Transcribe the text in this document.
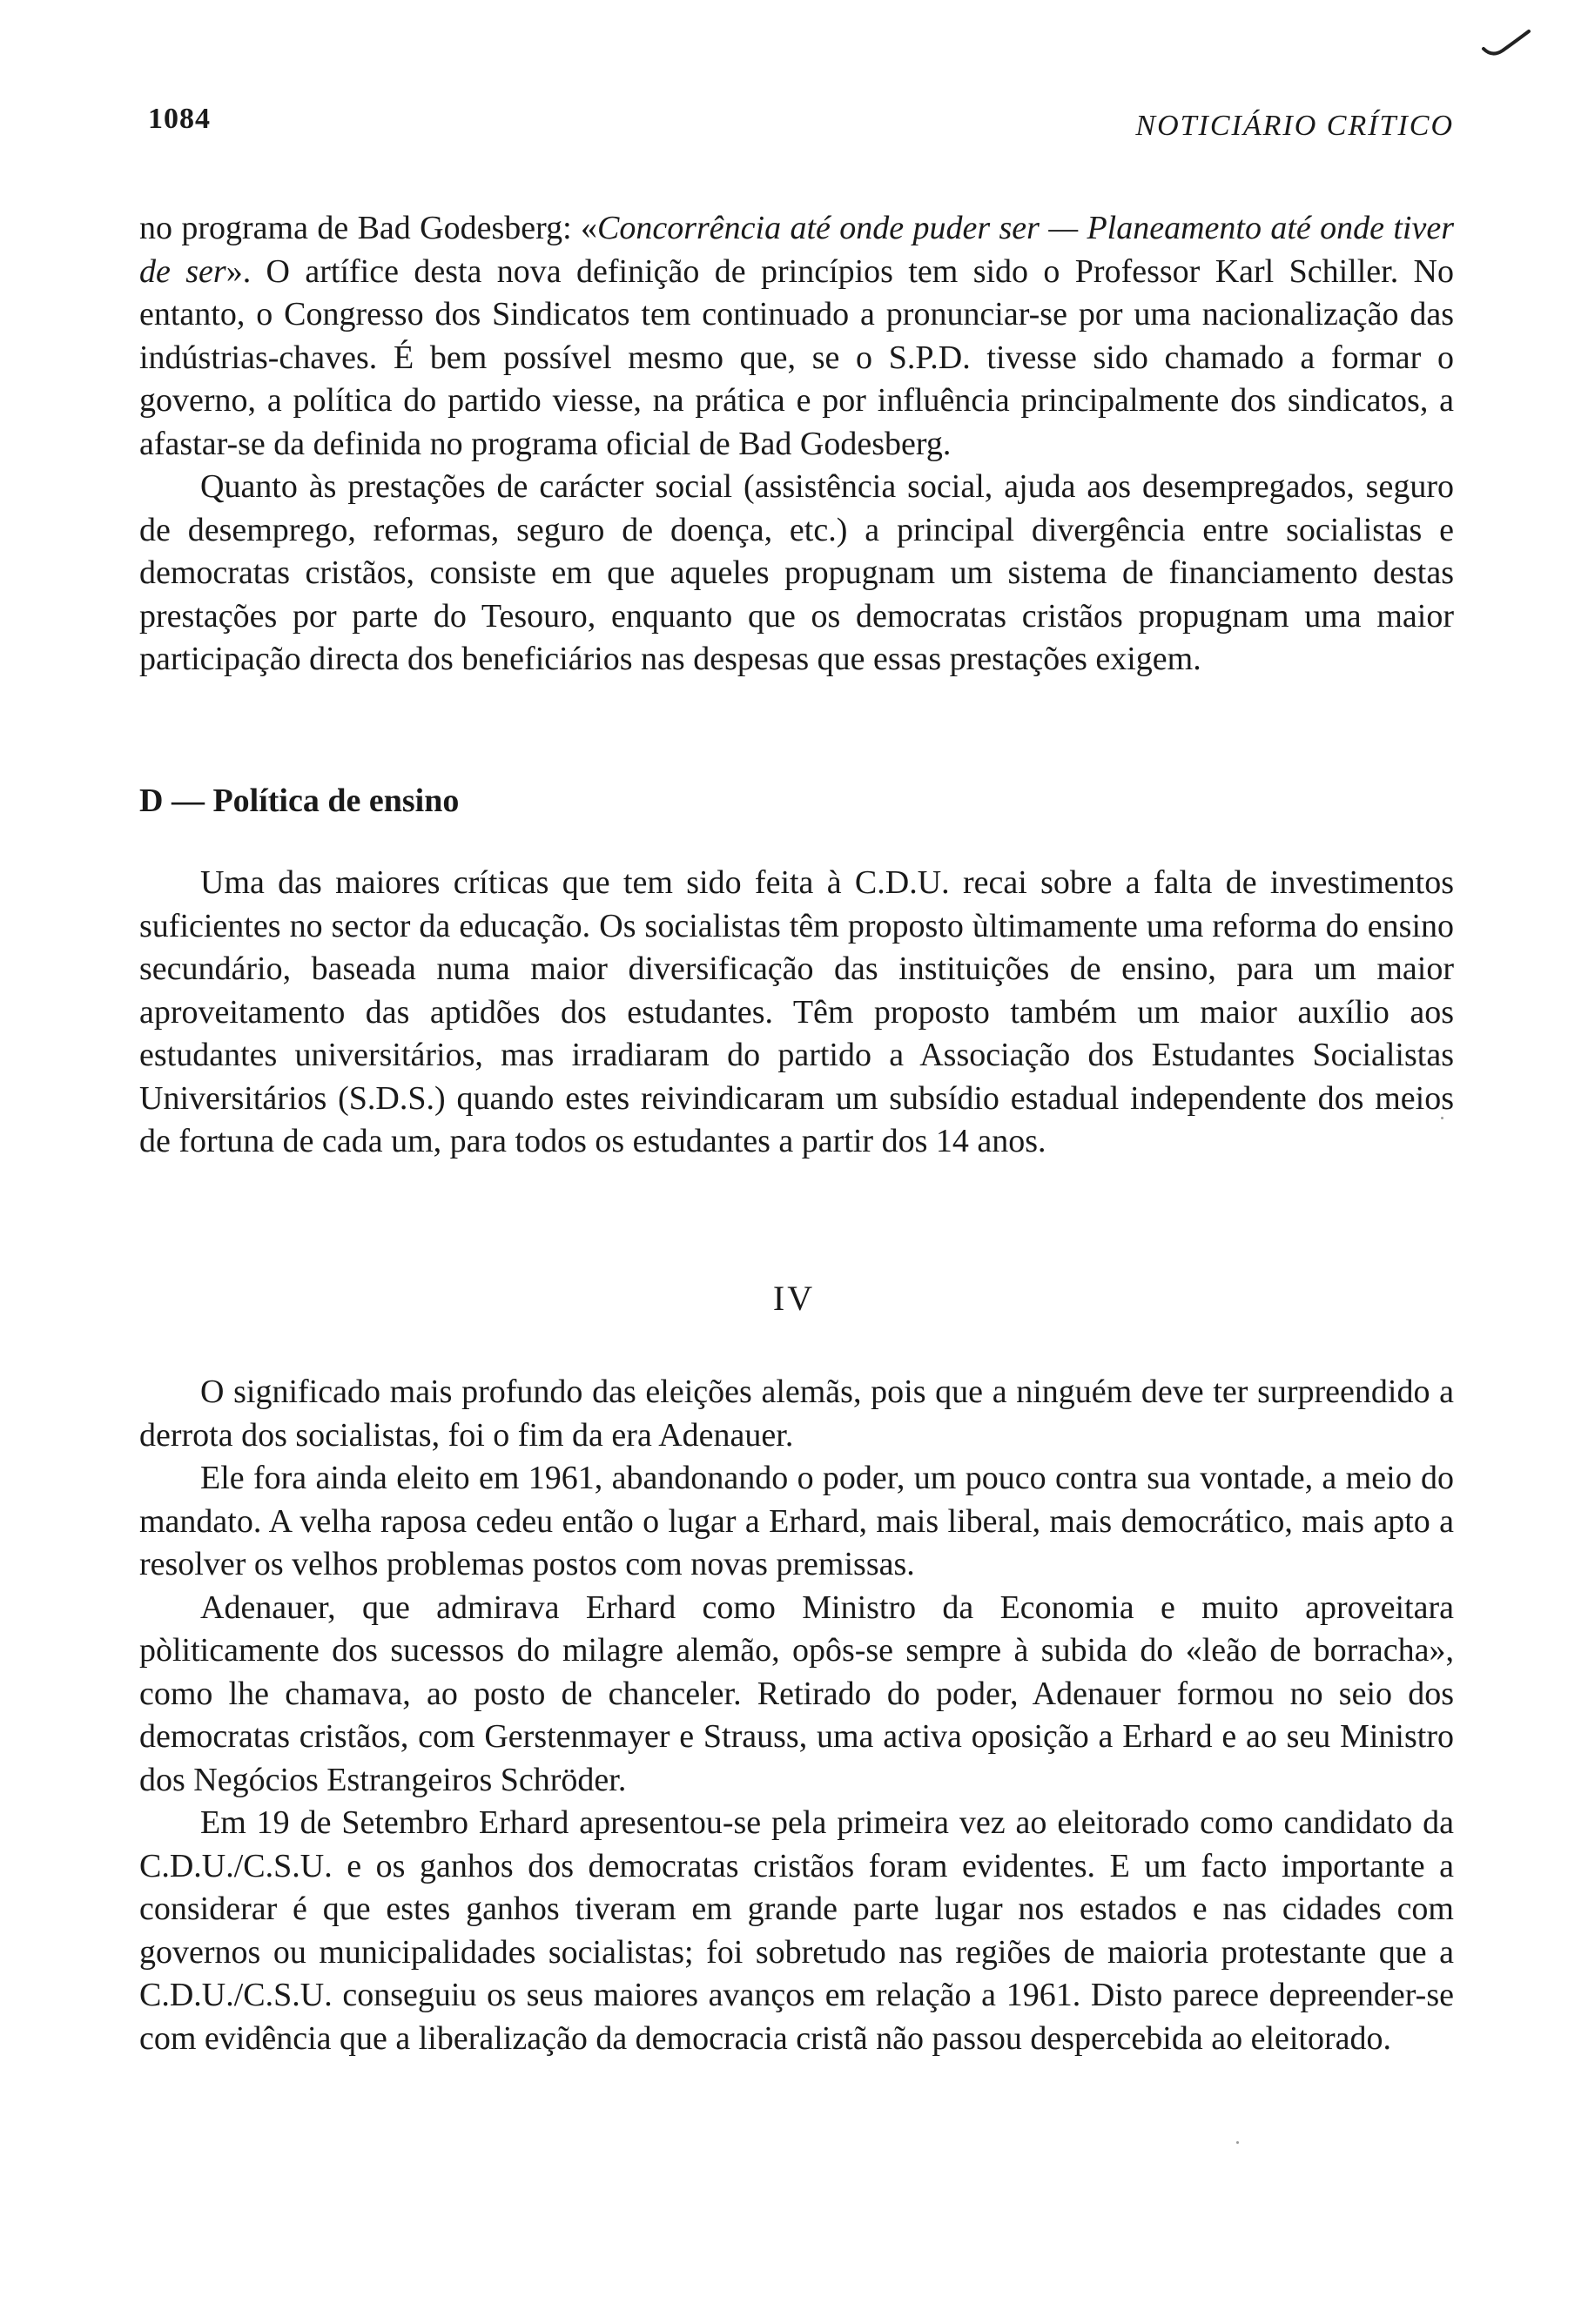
1084	NOTICIÁRIO CRÍTICO

no programa de Bad Godesberg: «Concorrência até onde puder ser — Planeamento até onde tiver de ser». O artífice desta nova definição de princípios tem sido o Professor Karl Schiller. No entanto, o Congresso dos Sindicatos tem continuado a pronunciar-se por uma nacionalização das indústrias-chaves. É bem possível mesmo que, se o S.P.D. tivesse sido chamado a formar o governo, a política do partido viesse, na prática e por influência principalmente dos sindicatos, a afastar-se da definida no programa oficial de Bad Godesberg.

Quanto às prestações de carácter social (assistência social, ajuda aos desempregados, seguro de desemprego, reformas, seguro de doença, etc.) a principal divergência entre socialistas e democratas cristãos, consiste em que aqueles propugnam um sistema de financiamento destas prestações por parte do Tesouro, enquanto que os democratas cristãos propugnam uma maior participação directa dos beneficiários nas despesas que essas prestações exigem.

D — Política de ensino

Uma das maiores críticas que tem sido feita à C.D.U. recai sobre a falta de investimentos suficientes no sector da educação. Os socialistas têm proposto ùltimamente uma reforma do ensino secundário, baseada numa maior diversificação das instituições de ensino, para um maior aproveitamento das aptidões dos estudantes. Têm proposto também um maior auxílio aos estudantes universitários, mas irradiaram do partido a Associação dos Estudantes Socialistas Universitários (S.D.S.) quando estes reivindicaram um subsídio estadual independente dos meios de fortuna de cada um, para todos os estudantes a partir dos 14 anos.

IV

O significado mais profundo das eleições alemãs, pois que a ninguém deve ter surpreendido a derrota dos socialistas, foi o fim da era Adenauer.

Ele fora ainda eleito em 1961, abandonando o poder, um pouco contra sua vontade, a meio do mandato. A velha raposa cedeu então o lugar a Erhard, mais liberal, mais democrático, mais apto a resolver os velhos problemas postos com novas premissas.

Adenauer, que admirava Erhard como Ministro da Economia e muito aproveitara pòliticamente dos sucessos do milagre alemão, opôs-se sempre à subida do «leão de borracha», como lhe chamava, ao posto de chanceler. Retirado do poder, Adenauer formou no seio dos democratas cristãos, com Gerstenmayer e Strauss, uma activa oposição a Erhard e ao seu Ministro dos Negócios Estrangeiros Schröder.

Em 19 de Setembro Erhard apresentou-se pela primeira vez ao eleitorado como candidato da C.D.U./C.S.U. e os ganhos dos democratas cristãos foram evidentes. E um facto importante a considerar é que estes ganhos tiveram em grande parte lugar nos estados e nas cidades com governos ou municipalidades socialistas; foi sobretudo nas regiões de maioria protestante que a C.D.U./C.S.U. conseguiu os seus maiores avanços em relação a 1961. Disto parece depreender-se com evidência que a liberalização da democracia cristã não passou despercebida ao eleitorado.
